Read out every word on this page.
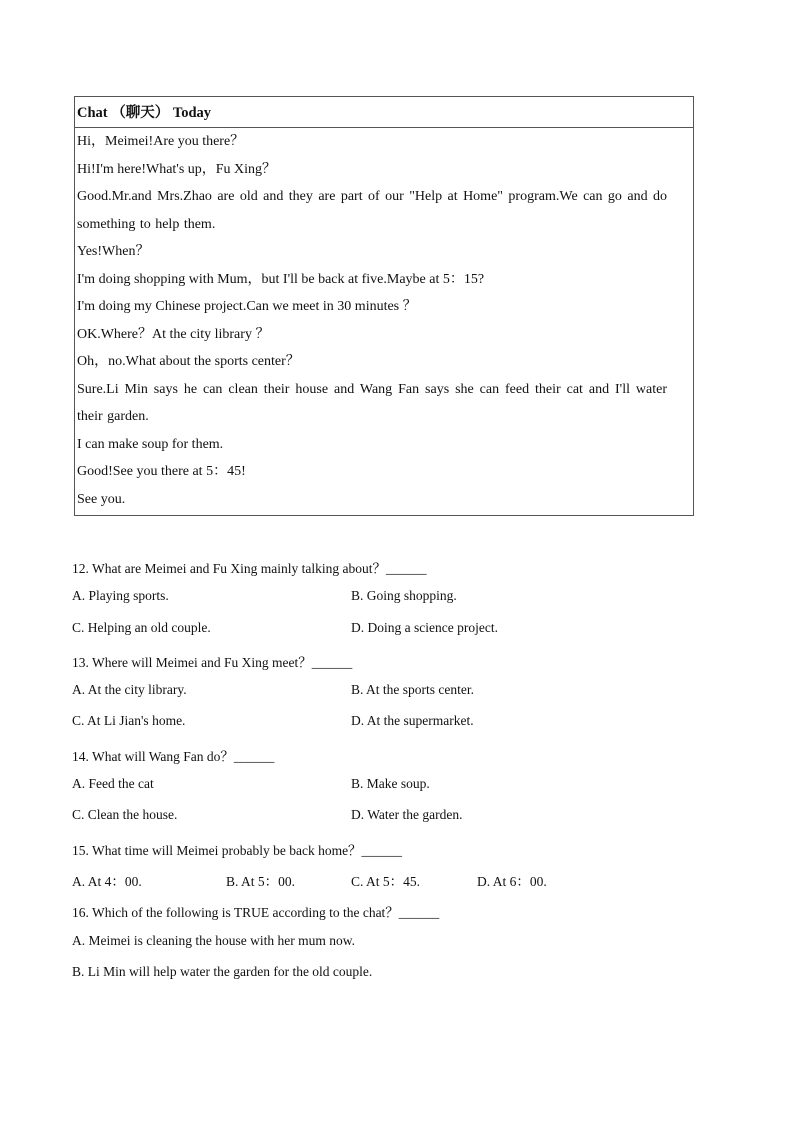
Chat （聊天） Today
Hi，Meimei!Are you there？
Hi!I'm here!What's up，Fu Xing？
Good.Mr.and Mrs.Zhao are old and they are part of our "Help at Home" program.We can go and do something to help them.
Yes!When？
I'm doing shopping with Mum，but I'll be back at five.Maybe at 5：15?
I'm doing my Chinese project.Can we meet in 30 minutes ？
OK.Where？At the city library ？
Oh，no.What about the sports center？
Sure.Li Min says he can clean their house and Wang Fan says she can feed their cat and I'll water their garden.
I can make soup for them.
Good!See you there at 5：45!
See you.
12. What are Meimei and Fu Xing mainly talking about？______
A. Playing sports.	B. Going shopping.
C. Helping an old couple.	D. Doing a science project.
13. Where will Meimei and Fu Xing meet？______
A. At the city library.	B. At the sports center.
C. At Li Jian's home.	D. At the supermarket.
14. What will Wang Fan do？______
A. Feed the cat	B. Make soup.
C. Clean the house.	D. Water the garden.
15. What time will Meimei probably be back home？______
A. At 4：00.	B. At 5：00.	C. At 5：45.	D. At 6：00.
16. Which of the following is TRUE according to the chat？______
A. Meimei is cleaning the house with her mum now.
B. Li Min will help water the garden for the old couple.
